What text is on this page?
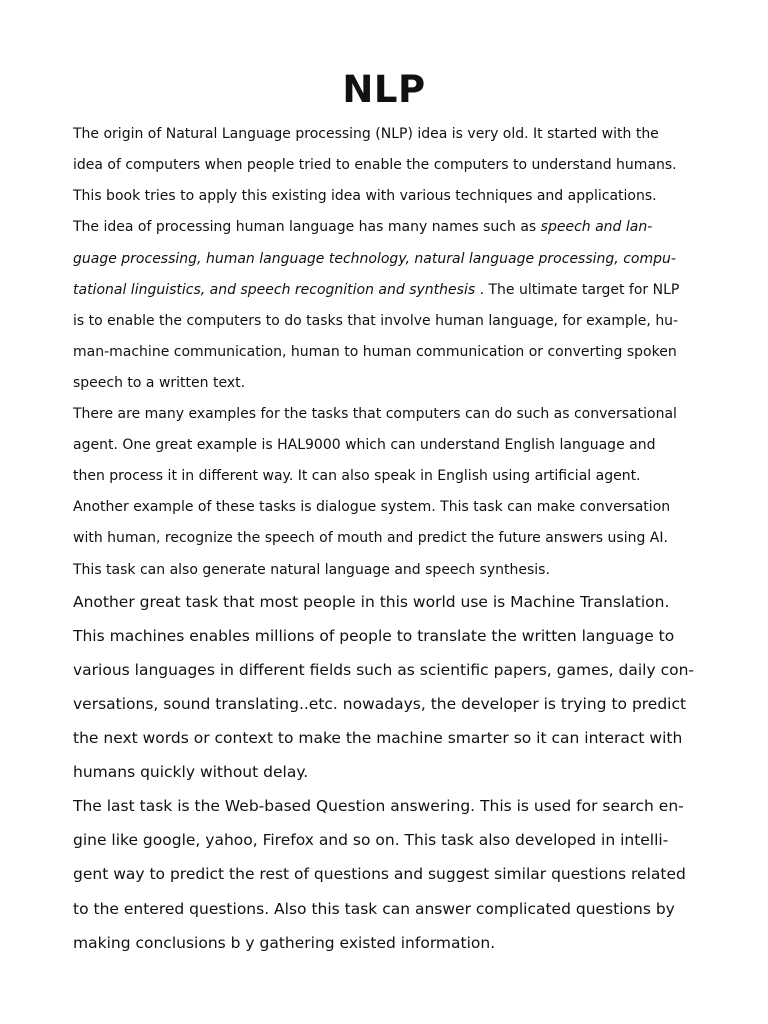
NLP

The origin of Natural Language processing (NLP) idea is very old. It started with the

idea of computers when people tried to enable the computers to understand humans.

This book tries to apply this existing idea with various techniques and applications.

The idea of processing human language has many names such as speech and lan-

guage processing, human language technology, natural language processing, compu-

tational linguistics, and speech recognition and synthesis . The ultimate target for NLP

is to enable the computers to do tasks that involve human language, for example, hu-

man-machine communication, human to human communication or converting spoken

speech to a written text.

There are many examples for the tasks that computers can do such as conversational

agent. One great example is HAL9000 which can understand English language and

then process it in different way. It can also speak in English using artificial agent.

Another example of these tasks is dialogue system. This task can make conversation

with human, recognize the speech of mouth and predict the future answers using AI.

This task can also generate natural language and speech synthesis.

Another great task that most people in this world use is Machine Translation.

This machines enables millions of people to translate the written language to

various languages in different fields such as scientific papers, games, daily con-

versations, sound translating..etc. nowadays, the developer is trying to predict

the next words or context to make the machine smarter so it can interact with

humans quickly without delay.

The last task is the Web-based Question answering. This is used for search en-

gine like google, yahoo, Firefox and so on. This task also developed in intelli-

gent way to predict the rest of questions and suggest similar questions related

to the entered questions. Also this task can answer complicated questions by

making conclusions b y gathering existed information.
